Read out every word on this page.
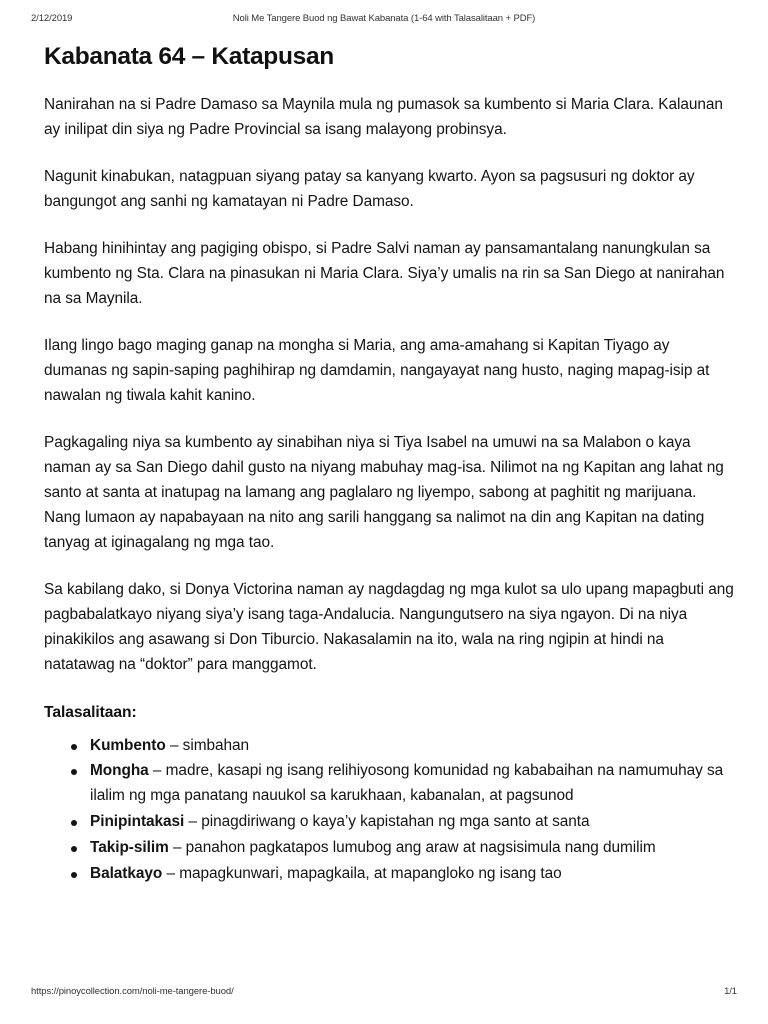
2/12/2019	Noli Me Tangere Buod ng Bawat Kabanata (1-64 with Talasalitaan + PDF)
Kabanata 64 – Katapusan

Nanirahan na si Padre Damaso sa Maynila mula ng pumasok sa kumbento si Maria Clara. Kalaunan ay inilipat din siya ng Padre Provincial sa isang malayong probinsya.

Nagunit kinabukan, natagpuan siyang patay sa kanyang kwarto. Ayon sa pagsusuri ng doktor ay bangungot ang sanhi ng kamatayan ni Padre Damaso.

Habang hinihintay ang pagiging obispo, si Padre Salvi naman ay pansamantalang nanungkulan sa kumbento ng Sta. Clara na pinasukan ni Maria Clara. Siya’y umalis na rin sa San Diego at nanirahan na sa Maynila.

Ilang lingo bago maging ganap na mongha si Maria, ang ama-amahang si Kapitan Tiyago ay dumanas ng sapin-saping paghihirap ng damdamin, nangayayat nang husto, naging mapag-isip at nawalan ng tiwala kahit kanino.

Pagkagaling niya sa kumbento ay sinabihan niya si Tiya Isabel na umuwi na sa Malabon o kaya naman ay sa San Diego dahil gusto na niyang mabuhay mag-isa. Nilimot na ng Kapitan ang lahat ng santo at santa at inatupag na lamang ang paglalaro ng liyempo, sabong at paghitit ng marijuana. Nang lumaon ay napabayaan na nito ang sarili hanggang sa nalimot na din ang Kapitan na dating tanyag at iginagalang ng mga tao.

Sa kabilang dako, si Donya Victorina naman ay nagdagdag ng mga kulot sa ulo upang mapagbuti ang pagbabalatkayo niyang siya’y isang taga-Andalucia. Nangungutsero na siya ngayon. Di na niya pinakikilos ang asawang si Don Tiburcio. Nakasalamin na ito, wala na ring ngipin at hindi na natatawag na “doktor” para manggamot.

Talasalitaan:
Kumbento – simbahan
Mongha – madre, kasapi ng isang relihiyosong komunidad ng kababaihan na namumuhay sa ilalim ng mga panatang nauukol sa karukhaan, kabanalan, at pagsunod
Pinipintakasi – pinagdiriwang o kaya’y kapistahan ng mga santo at santa
Takip-silim – panahon pagkatapos lumubog ang araw at nagsisimula nang dumilim
Balatkayo – mapagkunwari, mapagkaila, at mapangloko ng isang tao
https://pinoycollection.com/noli-me-tangere-buod/	1/1
